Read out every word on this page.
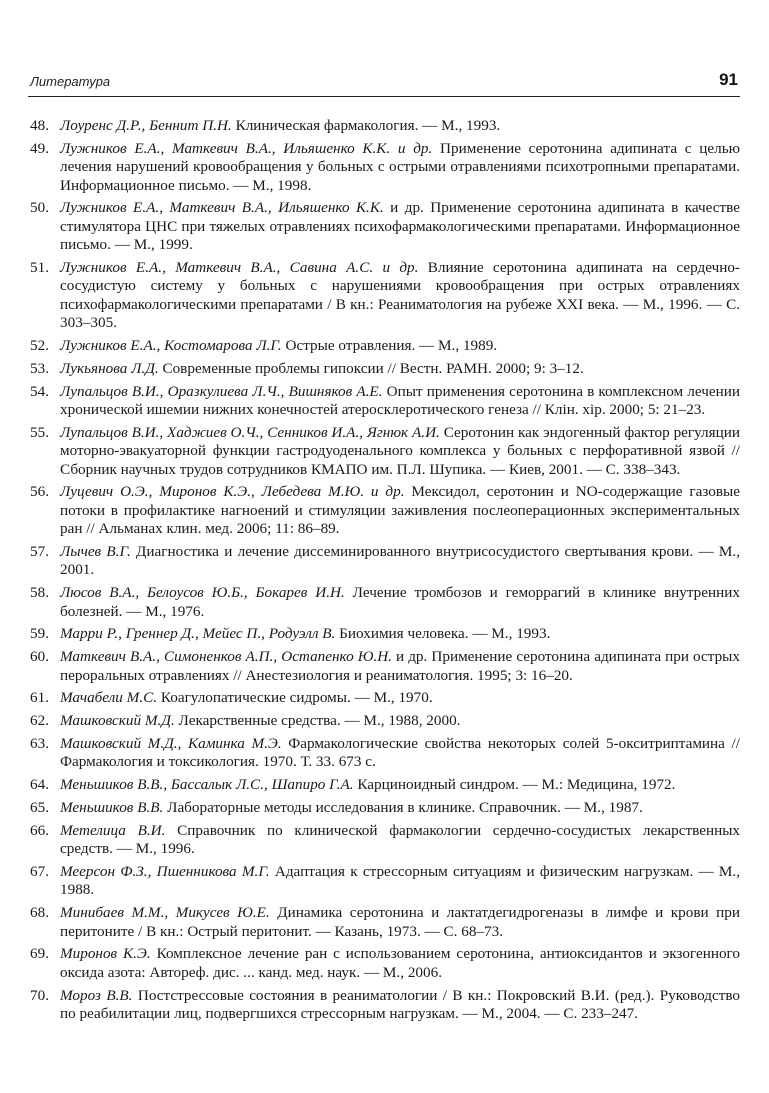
Литература	91
48. Лоуренс Д.Р., Беннит П.Н. Клиническая фармакология. — М., 1993.
49. Лужников Е.А., Маткевич В.А., Ильяшенко К.К. и др. Применение серотонина адипината с целью лечения нарушений кровообращения у больных с острыми отравлениями психотропными препаратами. Информационное письмо. — М., 1998.
50. Лужников Е.А., Маткевич В.А., Ильяшенко К.К. и др. Применение серотонина адипината в качестве стимулятора ЦНС при тяжелых отравлениях психофармакологическими препаратами. Информационное письмо. — М., 1999.
51. Лужников Е.А., Маткевич В.А., Савина А.С. и др. Влияние серотонина адипината на сердечно-сосудистую систему у больных с нарушениями кровообращения при острых отравлениях психофармакологическими препаратами / В кн.: Реаниматология на рубеже XXI века. — М., 1996. — С. 303–305.
52. Лужников Е.А., Костомарова Л.Г. Острые отравления. — М., 1989.
53. Лукьянова Л.Д. Современные проблемы гипоксии // Вестн. РАМН. 2000; 9: 3–12.
54. Лупальцов В.И., Оразкулиева Л.Ч., Вишняков А.Е. Опыт применения серотонина в комплексном лечении хронической ишемии нижних конечностей атеросклеротического генеза // Клін. хір. 2000; 5: 21–23.
55. Лупальцов В.И., Хаджиев О.Ч., Сенников И.А., Ягнюк А.И. Серотонин как эндогенный фактор регуляции моторно-эвакуаторной функции гастродуоденального комплекса у больных с перфоративной язвой // Сборник научных трудов сотрудников КМАПО им. П.Л. Шупика. — Киев, 2001. — С. 338–343.
56. Луцевич О.Э., Миронов К.Э., Лебедева М.Ю. и др. Мексидол, серотонин и NO-содержащие газовые потоки в профилактике нагноений и стимуляции заживления послеоперационных экспериментальных ран // Альманах клин. мед. 2006; 11: 86–89.
57. Лычев В.Г. Диагностика и лечение диссеминированного внутрисосудистого свертывания крови. — М., 2001.
58. Люсов В.А., Белоусов Ю.Б., Бокарев И.Н. Лечение тромбозов и геморрагий в клинике внутренних болезней. — М., 1976.
59. Марри Р., Греннер Д., Мейес П., Родуэлл В. Биохимия человека. — М., 1993.
60. Маткевич В.А., Симоненков А.П., Остапенко Ю.Н. и др. Применение серотонина адипината при острых пероральных отравлениях // Анестезиология и реаниматология. 1995; 3: 16–20.
61. Мачабели М.С. Коагулопатические сидромы. — М., 1970.
62. Машковский М.Д. Лекарственные средства. — М., 1988, 2000.
63. Машковский М.Д., Каминка М.Э. Фармакологические свойства некоторых солей 5-окситриптамина // Фармакология и токсикология. 1970. Т. 33. 673 с.
64. Меньшиков В.В., Бассалык Л.С., Шапиро Г.А. Карциноидный синдром. — М.: Медицина, 1972.
65. Меньшиков В.В. Лабораторные методы исследования в клинике. Справочник. — М., 1987.
66. Метелица В.И. Справочник по клинической фармакологии сердечно-сосудистых лекарственных средств. — М., 1996.
67. Меерсон Ф.З., Пшенникова М.Г. Адаптация к стрессорным ситуациям и физическим нагрузкам. — М., 1988.
68. Минибаев М.М., Микусев Ю.Е. Динамика серотонина и лактатдегидрогеназы в лимфе и крови при перитоните / В кн.: Острый перитонит. — Казань, 1973. — С. 68–73.
69. Миронов К.Э. Комплексное лечение ран с использованием серотонина, антиоксидантов и экзогенного оксида азота: Автореф. дис. ... канд. мед. наук. — М., 2006.
70. Мороз В.В. Постстрессовые состояния в реаниматологии / В кн.: Покровский В.И. (ред.). Руководство по реабилитации лиц, подвергшихся стрессорным нагрузкам. — М., 2004. — С. 233–247.
